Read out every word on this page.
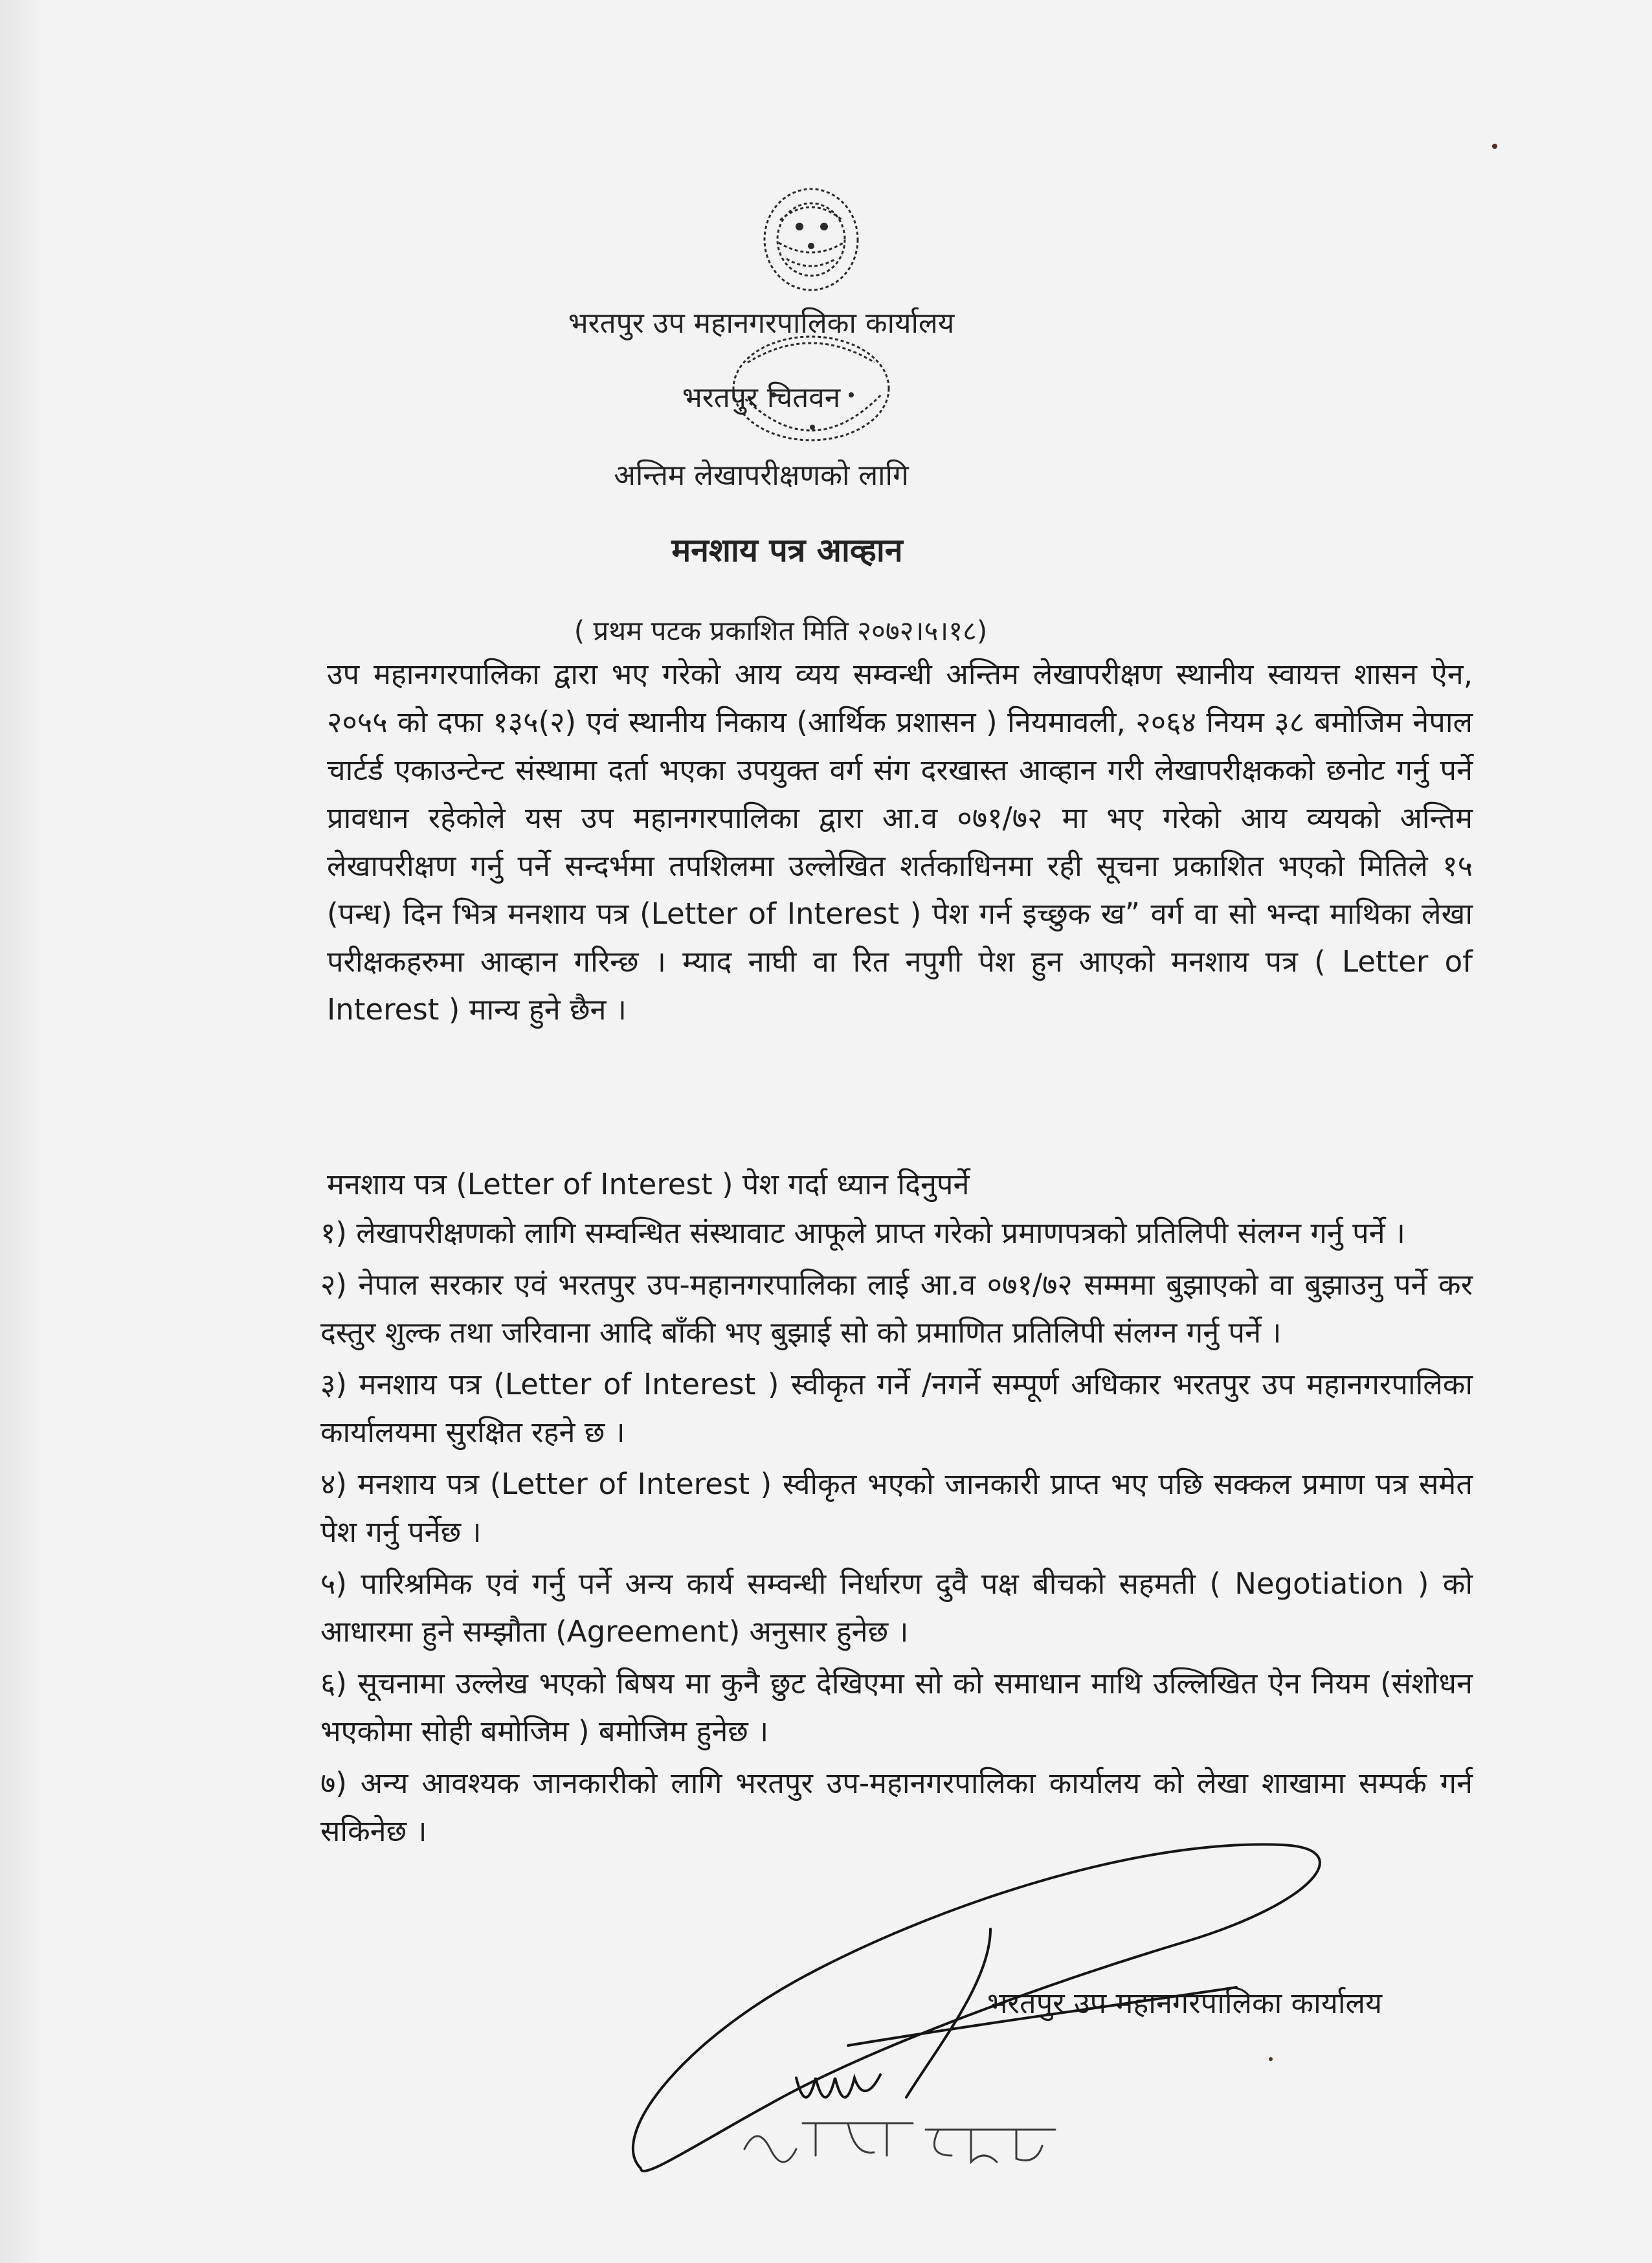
भरतपुर उप महानगरपालिका कार्यालय
भरतपुर चितवन
अन्तिम लेखापरीक्षणको लागि
मनशाय पत्र आव्हान
( प्रथम पटक प्रकाशित मिति २०७२।५।१८)

उप महानगरपालिका द्वारा भए गरेको आय व्यय सम्वन्धी अन्तिम लेखापरीक्षण स्थानीय स्वायत्त शासन ऐन, २०५५ को दफा १३५(२) एवं स्थानीय निकाय (आर्थिक प्रशासन ) नियमावली, २०६४ नियम ३८ बमोजिम नेपाल चार्टर्ड एकाउन्टेन्ट संस्थामा दर्ता भएका उपयुक्त वर्ग संग दरखास्त आव्हान गरी लेखापरीक्षकको छनोट गर्नु पर्ने प्रावधान रहेकोले यस उप महानगरपालिका द्वारा आ.व ०७१/७२ मा भए गरेको आय व्ययको अन्तिम लेखापरीक्षण गर्नु पर्ने सन्दर्भमा तपशिलमा उल्लेखित शर्तकाधिनमा रही सूचना प्रकाशित भएको मितिले १५ (पन्ध) दिन भित्र मनशाय पत्र (Letter of Interest ) पेश गर्न इच्छुक ख” वर्ग वा सो भन्दा माथिका लेखा परीक्षकहरुमा आव्हान गरिन्छ । म्याद नाघी वा रित नपुगी पेश हुन आएको मनशाय पत्र ( Letter of Interest ) मान्य हुने छैन ।

मनशाय पत्र (Letter of Interest ) पेश गर्दा ध्यान दिनुपर्ने
१) लेखापरीक्षणको लागि सम्वन्धित संस्थावाट आफूले प्राप्त गरेको प्रमाणपत्रको प्रतिलिपी संलग्न गर्नु पर्ने ।
२) नेपाल सरकार एवं भरतपुर उप-महानगरपालिका लाई आ.व ०७१/७२ सम्ममा बुझाएको वा बुझाउनु पर्ने कर दस्तुर शुल्क तथा जरिवाना आदि बाँकी भए बुझाई सो को प्रमाणित प्रतिलिपी संलग्न गर्नु पर्ने ।
३) मनशाय पत्र (Letter of Interest ) स्वीकृत गर्ने /नगर्ने सम्पूर्ण अधिकार भरतपुर उप महानगरपालिका कार्यालयमा सुरक्षित रहने छ ।
४) मनशाय पत्र (Letter of Interest ) स्वीकृत भएको जानकारी प्राप्त भए पछि सक्कल प्रमाण पत्र समेत पेश गर्नु पर्नेछ ।
५) पारिश्रमिक एवं गर्नु पर्ने अन्य कार्य सम्वन्धी निर्धारण दुवै पक्ष बीचको सहमती ( Negotiation ) को आधारमा हुने सम्झौता (Agreement) अनुसार हुनेछ ।
६) सूचनामा उल्लेख भएको बिषय मा कुनै छुट देखिएमा सो को समाधान माथि उल्लिखित ऐन नियम (संशोधन भएकोमा सोही बमोजिम ) बमोजिम हुनेछ ।
७) अन्य आवश्यक जानकारीको लागि भरतपुर उप-महानगरपालिका कार्यालय को लेखा शाखामा सम्पर्क गर्न सकिनेछ ।
भरतपुर उप महानगरपालिका कार्यालय
